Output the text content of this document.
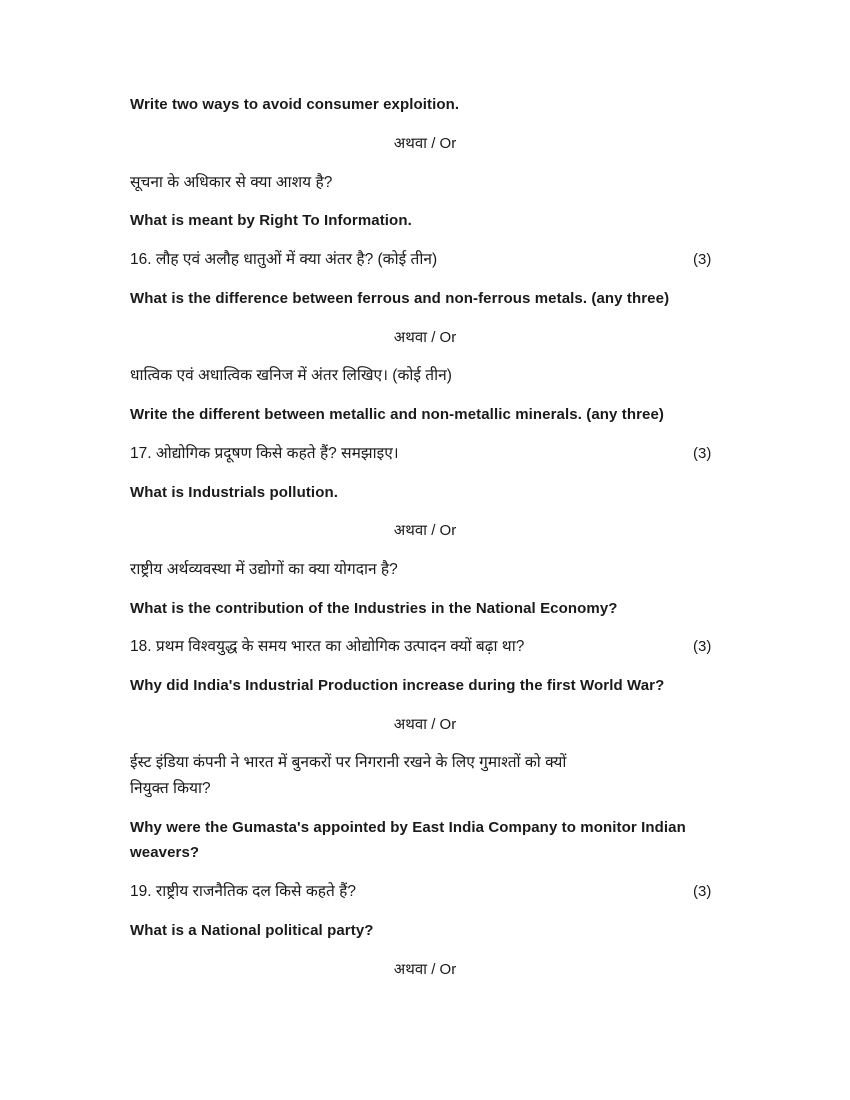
Write two ways to avoid consumer exploition.
अथवा / Or
सूचना के अधिकार से क्या आशय है?
What is meant by Right To Information.
16. लौह एवं अलौह धातुओं में क्या अंतर है? (कोई तीन)	(3)
What is the difference between ferrous and non-ferrous metals. (any three)
अथवा / Or
धात्विक एवं अधात्विक खनिज में अंतर लिखिए। (कोई तीन)
Write the different between metallic and non-metallic minerals. (any three)
17. ओद्योगिक प्रदूषण किसे कहते हैं? समझाइए।	(3)
What is Industrials pollution.
अथवा / Or
राष्ट्रीय अर्थव्यवस्था में उद्योगों का क्या योगदान है?
What is the contribution of the Industries in the National Economy?
18. प्रथम विश्वयुद्ध के समय भारत का ओद्योगिक उत्पादन क्यों बढ़ा था?	(3)
Why did India's Industrial Production increase during the first World War?
अथवा / Or
ईस्ट इंडिया कंपनी ने भारत में बुनकरों पर निगरानी रखने के लिए गुमाश्तों को क्यों
नियुक्त किया?
Why were the Gumasta's appointed by East India Company to monitor Indian
weavers?
19. राष्ट्रीय राजनैतिक दल किसे कहते हैं?	(3)
What is a National political party?
अथवा / Or
